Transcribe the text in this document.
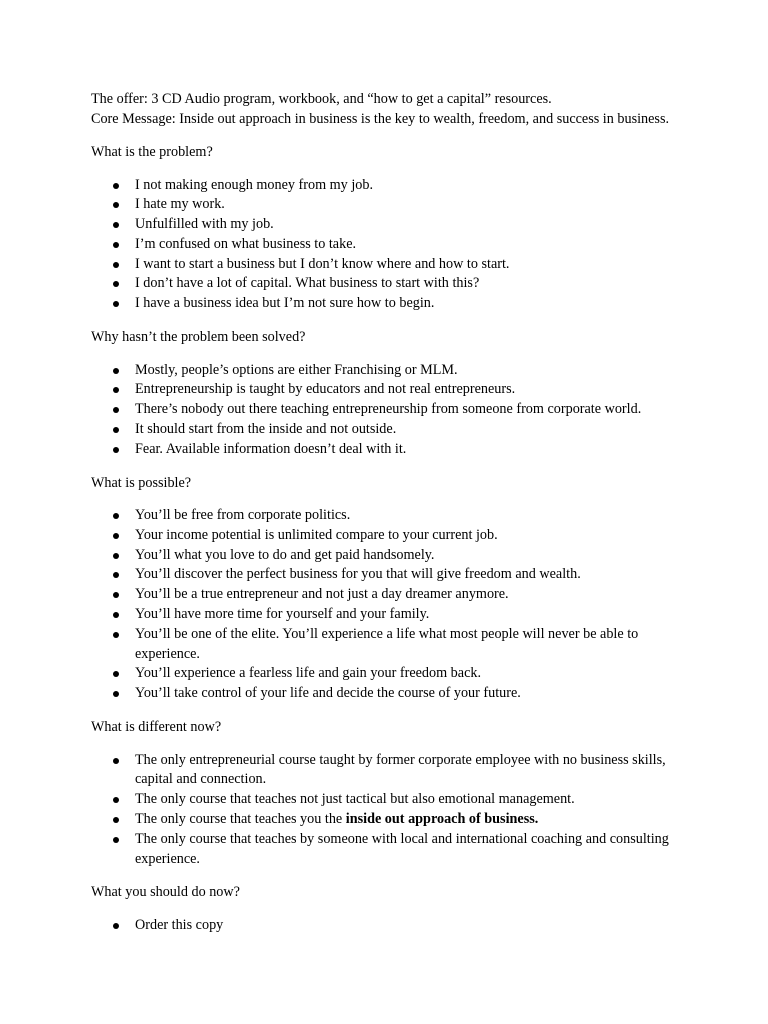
The offer: 3 CD Audio program, workbook, and “how to get a capital” resources.

Core Message: Inside out approach in business is the key to wealth, freedom, and success in business.

What is the problem?

I not making enough money from my job.
I hate my work.
Unfulfilled with my job.
I’m confused on what business to take.
I want to start a business but I don’t know where and how to start.
I don’t have a lot of capital. What business to start with this?
I have a business idea but I’m not sure how to begin.

Why hasn’t the problem been solved?

Mostly, people’s options are either Franchising or MLM.
Entrepreneurship is taught by educators and not real entrepreneurs.
There’s nobody out there teaching entrepreneurship from someone from corporate world.
It should start from the inside and not outside.
Fear. Available information doesn’t deal with it.

What is possible?

You’ll be free from corporate politics.
Your income potential is unlimited compare to your current job.
You’ll what you love to do and get paid handsomely.
You’ll discover the perfect business for you that will give freedom and wealth.
You’ll be a true entrepreneur and not just a day dreamer anymore.
You’ll have more time for yourself and your family.
You’ll be one of the elite. You’ll experience a life what most people will never be able to experience.
You’ll experience a fearless life and gain your freedom back.
You’ll take control of your life and decide the course of your future.

What is different now?

The only entrepreneurial course taught by former corporate employee with no business skills, capital and connection.
The only course that teaches not just tactical but also emotional management.
The only course that teaches you the inside out approach of business.
The only course that teaches by someone with local and international coaching and consulting experience.

What you should do now?

Order this copy
